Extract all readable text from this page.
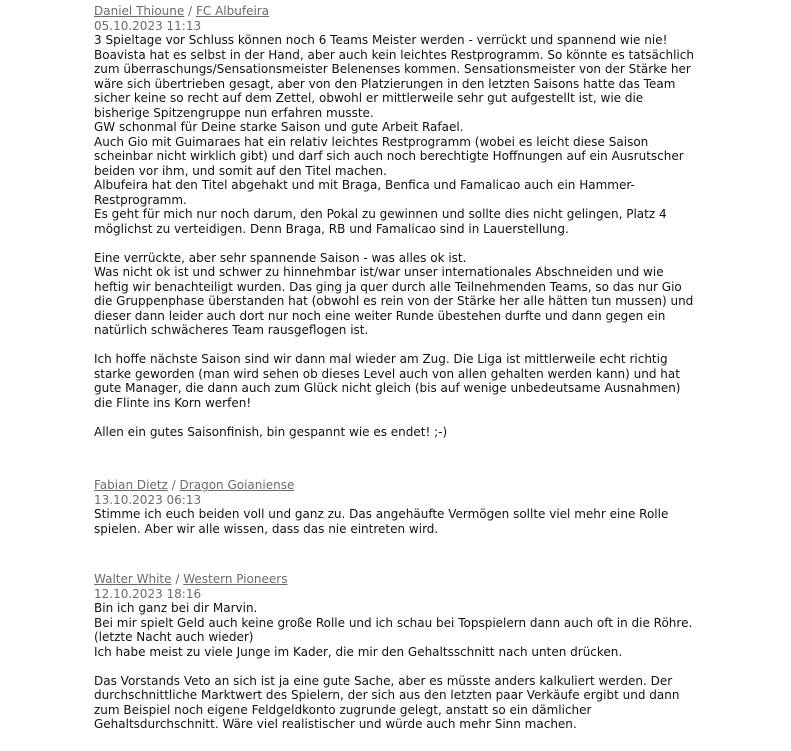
Daniel Thioune / FC Albufeira
05.10.2023 11:13
3 Spieltage vor Schluss können noch 6 Teams Meister werden - verrückt und spannend wie nie!
Boavista hat es selbst in der Hand, aber auch kein leichtes Restprogramm. So könnte es tatsächlich
zum überraschungs/Sensationsmeister Belenenses kommen. Sensationsmeister von der Stärke her
wäre sich übertrieben gesagt, aber von den Platzierungen in den letzten Saisons hatte das Team
sicher keine so recht auf dem Zettel, obwohl er mittlerweile sehr gut aufgestellt ist, wie die
bisherige Spitzengruppe nun erfahren musste.
GW schonmal für Deine starke Saison und gute Arbeit Rafael.
Auch Gio mit Guimaraes hat ein relativ leichtes Restprogramm (wobei es leicht diese Saison
scheinbar nicht wirklich gibt) und darf sich auch noch berechtigte Hoffnungen auf ein Ausrutscher
beiden vor ihm, und somit auf den Titel machen.
Albufeira hat den Titel abgehakt und mit Braga, Benfica und Famalicao auch ein Hammer-
Restprogramm.
Es geht für mich nur noch darum, den Pokal zu gewinnen und sollte dies nicht gelingen, Platz 4
möglichst zu verteidigen. Denn Braga, RB und Famalicao sind in Lauerstellung.
Eine verrückte, aber sehr spannende Saison - was alles ok ist.
Was nicht ok ist und schwer zu hinnehmbar ist/war unser internationales Abschneiden und wie
heftig wir benachteiligt wurden. Das ging ja quer durch alle Teilnehmenden Teams, so das nur Gio
die Gruppenphase überstanden hat (obwohl es rein von der Stärke her alle hätten tun mussen) und
dieser dann leider auch dort nur noch eine weiter Runde übestehen durfte und dann gegen ein
natürlich schwächeres Team rausgeflogen ist.
Ich hoffe nächste Saison sind wir dann mal wieder am Zug. Die Liga ist mittlerweile echt richtig
starke geworden (man wird sehen ob dieses Level auch von allen gehalten werden kann) und hat
gute Manager, die dann auch zum Glück nicht gleich (bis auf wenige unbedeutsame Ausnahmen)
die Flinte ins Korn werfen!
Allen ein gutes Saisonfinish, bin gespannt wie es endet! ;-)
Fabian Dietz / Dragon Goianiense
13.10.2023 06:13
Stimme ich euch beiden voll und ganz zu. Das angehäufte Vermögen sollte viel mehr eine Rolle
spielen. Aber wir alle wissen, dass das nie eintreten wird.
Walter White / Western Pioneers
12.10.2023 18:16
Bin ich ganz bei dir Marvin.
Bei mir spielt Geld auch keine große Rolle und ich schau bei Topspielern dann auch oft in die Röhre.
(letzte Nacht auch wieder)
Ich habe meist zu viele Junge im Kader, die mir den Gehaltsschnitt nach unten drücken.
Das Vorstands Veto an sich ist ja eine gute Sache, aber es müsste anders kalkuliert werden. Der
durchschnittliche Marktwert des Spielern, der sich aus den letzten paar Verkäufe ergibt und dann
zum Beispiel noch eigene Feldgeldkonto zugrunde gelegt, anstatt so ein dämlicher
Gehaltsdurchschnitt. Wäre viel realistischer und würde auch mehr Sinn machen.
